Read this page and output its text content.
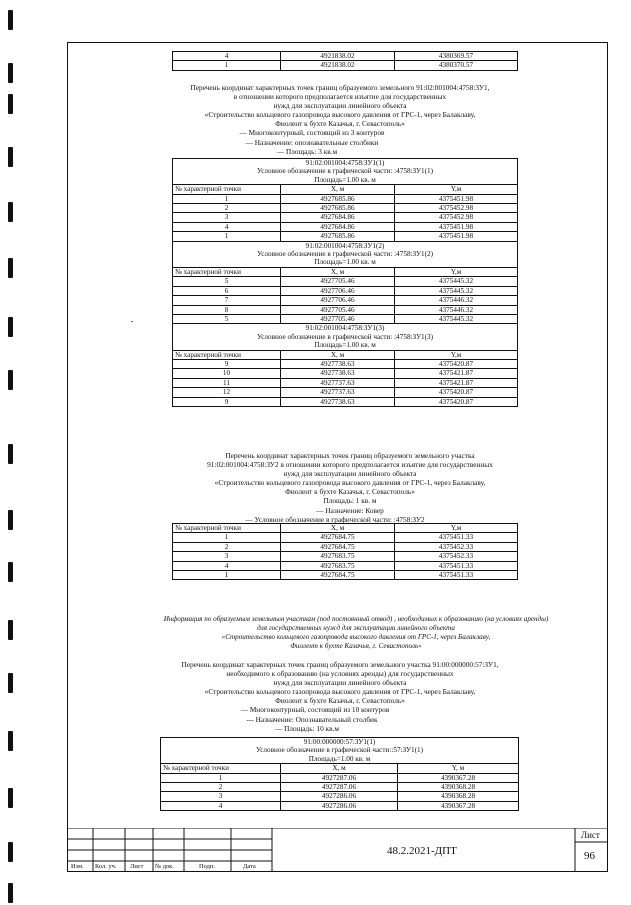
4	4921838.02	4380369.57
1	4921838.02	4380370.57
Перечень координат характерных точек границ образуемого земельного 91:02:001004:4758:ЗУ1,
в отношении которого предполагается изъятие для государственных
нужд для эксплуатации линейного объекта
«Строительство кольцевого газопровода высокого давления от ГРС-1, через Балаклаву,
Фиолент к бухте Казачья, г. Севастополь»
— Многоконтурный, состоящий из 3 контуров
— Назначение: опознавательные столбики
— Площадь: 3 кв.м
91:02:001004:4758:ЗУ1(1)		
Условное обозначение в графической части: :4758:ЗУ1(1)		
Площадь=1.00 кв. м		
№ характерной точки	X, м	Y,м
1	4927685.86	4375451.98
2	4927685.86	4375452.98
3	4927684.86	4375452.98
4	4927684.86	4375451.98
1	4927685.86	4375451.98
91:02:001004:4758:ЗУ1(2)		
Условное обозначение в графической части: :4758:ЗУ1(2)		
Площадь=1.00 кв. м		
№ характерной точки	X, м	Y,м
5	4927705.46	4375445.32
6	4927706.46	4375445.32
7	4927706.46	4375446.32
8	4927705.46	4375446.32
5	4927705.46	4375445.32
91:02:001004:4758:ЗУ1(3)		
Условное обозначение в графической части: :4758:ЗУ1(3)		
Площадь=1.00 кв. м		
№ характерной точки	X, м	Y,м
9	4927738.63	4375420.87
10	4927738.63	4375421.87
11	4927737.63	4375421.87
12	4927737.63	4375420.87
9	4927738.63	4375420.87
Перечень координат характерных точек границ образуемого земельного участка
91:02:001004:4758:ЗУ2 в отношении которого предполагается изъятие для государственных
нужд для эксплуатации линейного объекта
«Строительство кольцевого газопровода высокого давления от ГРС-1, через Балаклаву,
Фиолент к бухте Казачья, г. Севастополь»
Площадь: 1 кв. м
— Назначение: Ковер
— Условное обозначение в графической части: :4758:ЗУ2
№ характерной точки	X, м	Y,м
1	4927684.75	4375451.33
2	4927684.75	4375452.33
3	4927683.75	4375452.33
4	4927683.75	4375451.33
1	4927684.75	4375451.33
Информация по образуемым земельным участкам (под постоянный отвод) , необходимых к образованию (на условиях аренды)
для государственных нужд для эксплуатации линейного объекта
«Строительство кольцевого газопровода высокого давления от ГРС-1, через Балаклаву,
Фиолент к бухте Казачья, г. Севастополь»
Перечень координат характерных точек границ образуемого земельного участка 91:00:000000:57:ЗУ1,
необходимого к образованию (на условиях аренды) для государственных
нужд для эксплуатации линейного объекта
«Строительство кольцевого газопровода высокого давления от ГРС-1, через Балаклаву,
Фиолент к бухте Казачья, г. Севастополь»
— Многоконтурный, состоящий из 10 контуров
--- Назначение: Опознавательный столбик
— Площадь: 10 кв.м
91:00:000000:57:ЗУ1(1)		
Условное обозначение в графической части::57:ЗУ1(1)		
Площадь=1.00 кв. м		
№ характерной точки	X, м	Y, м
1	4927287.06	4390367.28
2	4927287.06	4390368.28
3	4927286.06	4390368.28
4	4927286.06	4390367.28
Изм. Кол. уч. Лист № док.	Подп.	Дата
48.2.2021-ДПТ
Лист
96
